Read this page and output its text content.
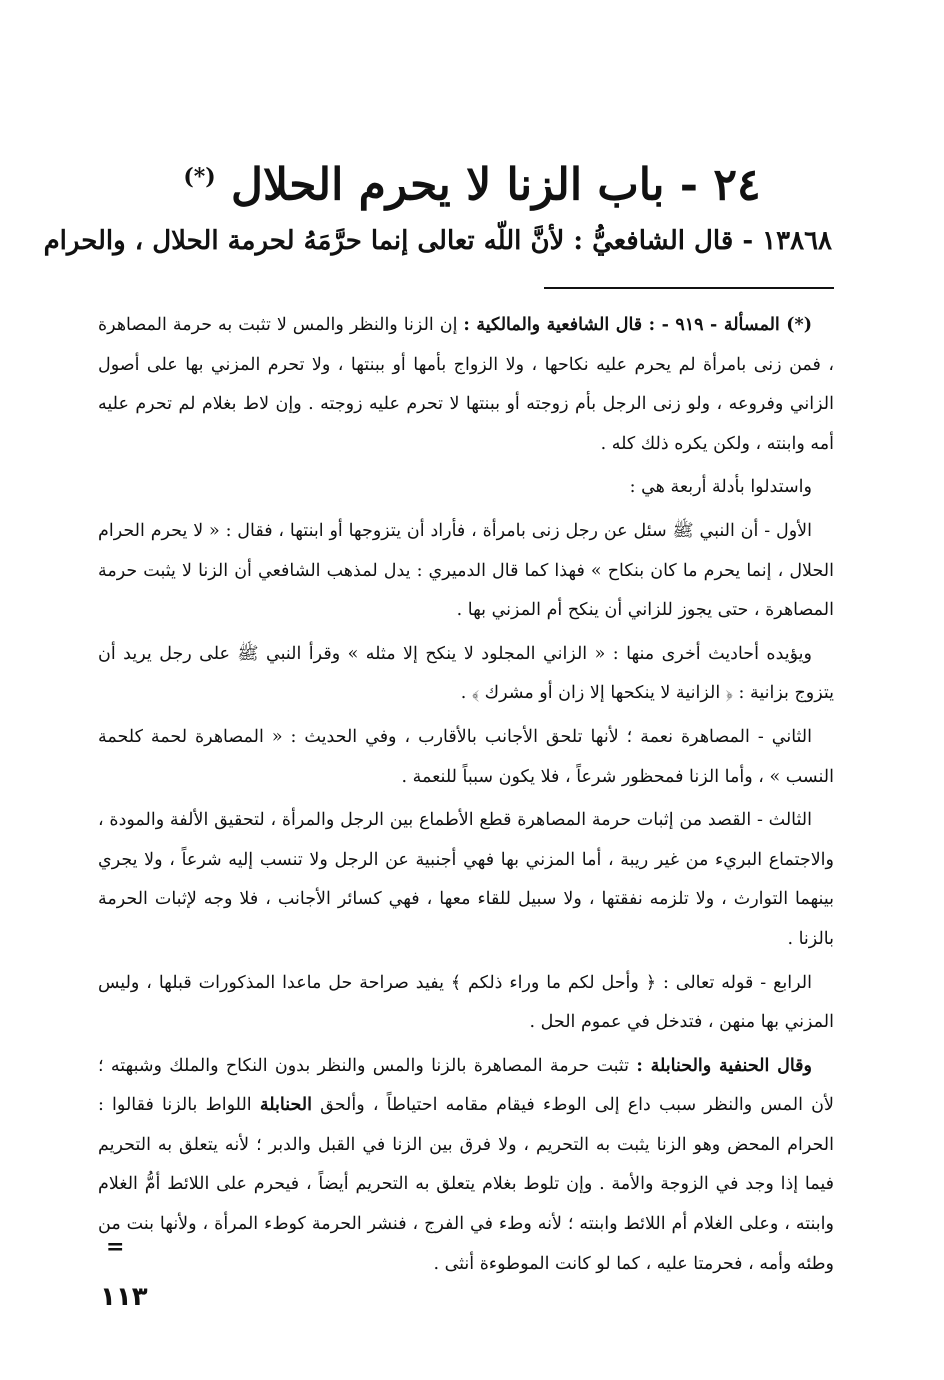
٢٤ - باب الزنا لا يحرم الحلال (*)
١٣٨٦٨ - قال الشافعيُّ : لأنَّ اللّه تعالى إنما حرَّمَهُ لحرمة الحلال ، والحرام

(*) المسألة - ٩١٩ - : قال الشافعية والمالكية : إن الزنا والنظر والمس لا تثبت به حرمة المصاهرة ، فمن زنى بامرأة لم يحرم عليه نكاحها ، ولا الزواج بأمها أو ببنتها ، ولا تحرم المزني بها على أصول الزاني وفروعه ، ولو زنى الرجل بأم زوجته أو ببنتها لا تحرم عليه زوجته . وإن لاط بغلام لم تحرم عليه أمه وابنته ، ولكن يكره ذلك كله .

واستدلوا بأدلة أربعة هي :

الأول - أن النبي ﷺ سئل عن رجل زنى بامرأة ، فأراد أن يتزوجها أو ابنتها ، فقال : « لا يحرم الحرام الحلال ، إنما يحرم ما كان بنكاح » فهذا كما قال الدميري : يدل لمذهب الشافعي أن الزنا لا يثبت حرمة المصاهرة ، حتى يجوز للزاني أن ينكح أم المزني بها .

ويؤيده أحاديث أخرى منها : « الزاني المجلود لا ينكح إلا مثله » وقرأ النبي ﷺ على رجل يريد أن يتزوج بزانية : ﴿ الزانية لا ينكحها إلا زان أو مشرك ﴾ .

الثاني - المصاهرة نعمة ؛ لأنها تلحق الأجانب بالأقارب ، وفي الحديث : « المصاهرة لحمة كلحمة النسب » ، وأما الزنا فمحظور شرعاً ، فلا يكون سبباً للنعمة .

الثالث - القصد من إثبات حرمة المصاهرة قطع الأطماع بين الرجل والمرأة ، لتحقيق الألفة والمودة ، والاجتماع البريء من غير ريبة ، أما المزني بها فهي أجنبية عن الرجل ولا تنسب إليه شرعاً ، ولا يجري بينهما التوارث ، ولا تلزمه نفقتها ، ولا سبيل للقاء معها ، فهي كسائر الأجانب ، فلا وجه لإثبات الحرمة بالزنا .

الرابع - قوله تعالى : ﴿ وأحل لكم ما وراء ذلكم ﴾ يفيد صراحة حل ماعدا المذكورات قبلها ، وليس المزني بها منهن ، فتدخل في عموم الحل .

وقال الحنفية والحنابلة : تثبت حرمة المصاهرة بالزنا والمس والنظر بدون النكاح والملك وشبهته ؛ لأن المس والنظر سبب داع إلى الوطء فيقام مقامه احتياطاً ، وألحق الحنابلة اللواط بالزنا فقالوا : الحرام المحض وهو الزنا يثبت به التحريم ، ولا فرق بين الزنا في القبل والدبر ؛ لأنه يتعلق به التحريم فيما إذا وجد في الزوجة والأمة . وإن تلوط بغلام يتعلق به التحريم أيضاً ، فيحرم على اللائط أمُّ الغلام وابنته ، وعلى الغلام أم اللائط وابنته ؛ لأنه وطء في الفرج ، فنشر الحرمة كوطء المرأة ، ولأنها بنت من وطئه وأمه ، فحرمتا عليه ، كما لو كانت الموطوءة أنثى .

=
١١٣
